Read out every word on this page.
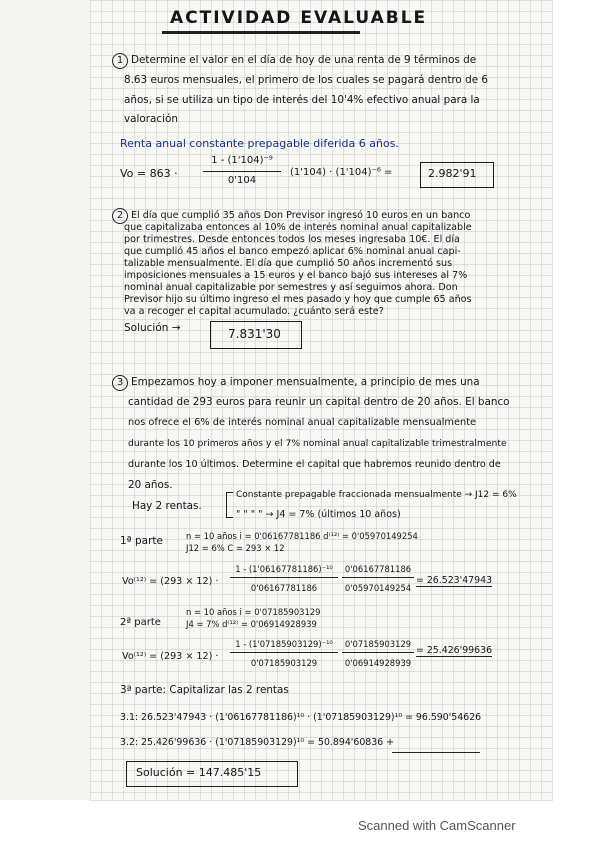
ACTIVIDAD EVALUABLE
1 Determine el valor en el día de hoy de una renta de 9 términos de
8.63 euros mensuales, el primero de los cuales se pagará dentro de 6
años, si se utiliza un tipo de interés del 10'4% efectivo anual para la
valoración
Renta anual constante prepagable diferida 6 años.
Vo = 863 ·
1 - (1'104)⁻⁹
0'104
(1'104) · (1'104)⁻⁶ =	2.982'91
2 El día que cumplió 35 años Don Previsor ingresó 10 euros en un banco
que capitalizaba entonces al 10% de interés nominal anual capitalizable
por trimestres. Desde entonces todos los meses ingresaba 10€. El día
que cumplió 45 años el banco empezó aplicar 6% nominal anual capi-
talizable mensualmente. El día que cumplió 50 años incrementó sus
imposiciones mensuales a 15 euros y el banco bajó sus intereses al 7%
nominal anual capitalizable por semestres y así seguimos ahora. Don
Previsor hijo su último ingreso el mes pasado y hoy que cumple 65 años
va a recoger el capital acumulado. ¿cuánto será este?
Solución →	7.831'30
3 Empezamos hoy a imponer mensualmente, a principio de mes una
cantidad de 293 euros para reunir un capital dentro de 20 años. El banco
nos ofrece el 6% de interés nominal anual capitalizable mensualmente
durante los 10 primeros años y el 7% nominal anual capitalizable trimestralmente
durante los 10 últimos. Determine el capital que habremos reunido dentro de
20 años.
Hay 2 rentas.
Constante prepagable fraccionada mensualmente → J12 = 6%
" " " " → J4 = 7% (últimos 10 años)
1ª parte	n = 10 años i = 0'06167781186 d⁽¹²⁾ = 0'05970149254
J12 = 6% C = 293 × 12
Vo⁽¹²⁾ = (293 × 12) ·
1 - (1'06167781186)⁻¹⁰
0'06167781186
0'06167781186
0'05970149254
= 26.523'47943
2ª parte
n = 10 años i = 0'07185903129
J4 = 7% d⁽¹²⁾ = 0'06914928939
Vo⁽¹²⁾ = (293 × 12) ·
1 - (1'07185903129)⁻¹⁰
0'07185903129
0'07185903129
0'06914928939
= 25.426'99636
3ª parte: Capitalizar las 2 rentas
3.1: 26.523'47943 · (1'06167781186)¹⁰ · (1'07185903129)¹⁰ = 96.590'54626
3.2: 25.426'99636 · (1'07185903129)¹⁰ = 50.894'60836 +
Solución = 147.485'15
Scanned with CamScanner
